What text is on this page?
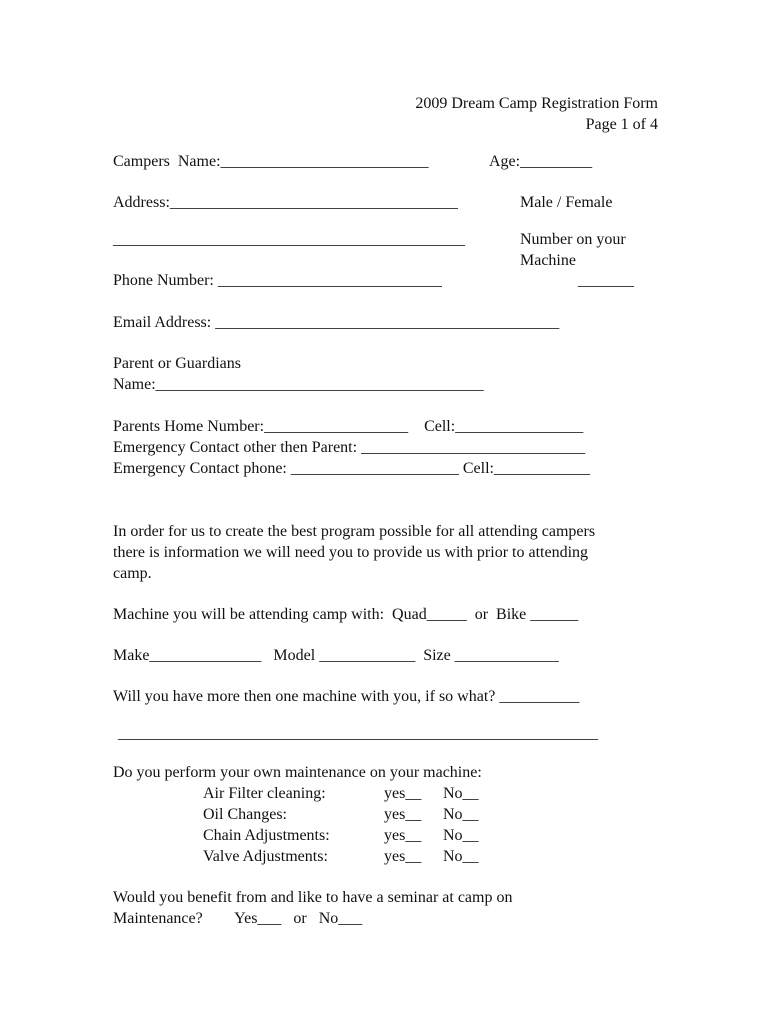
2009 Dream Camp Registration Form
Page 1 of 4
Campers  Name:__________________________	Age:_________
Address:____________________________________	Male / Female
____________________________________________	Number on your
Machine
Phone Number: ____________________________	_______
Email Address: ___________________________________________
Parent or Guardians
Name:_________________________________________
Parents Home Number:__________________    Cell:________________
Emergency Contact other then Parent: ____________________________
Emergency Contact phone: _____________________ Cell:____________
In order for us to create the best program possible for all attending campers
there is information we will need you to provide us with prior to attending
camp.
Machine you will be attending camp with:  Quad_____  or  Bike ______
Make______________   Model ____________  Size _____________
Will you have more then one machine with you, if so what? __________
____________________________________________________________
Do you perform your own maintenance on your machine:
Air Filter cleaning:	yes__ No__
Oil Changes:	yes__ No__
Chain Adjustments:	yes__ No__
Valve Adjustments:	yes__ No__
Would you benefit from and like to have a seminar at camp on
Maintenance?        Yes___   or   No___
